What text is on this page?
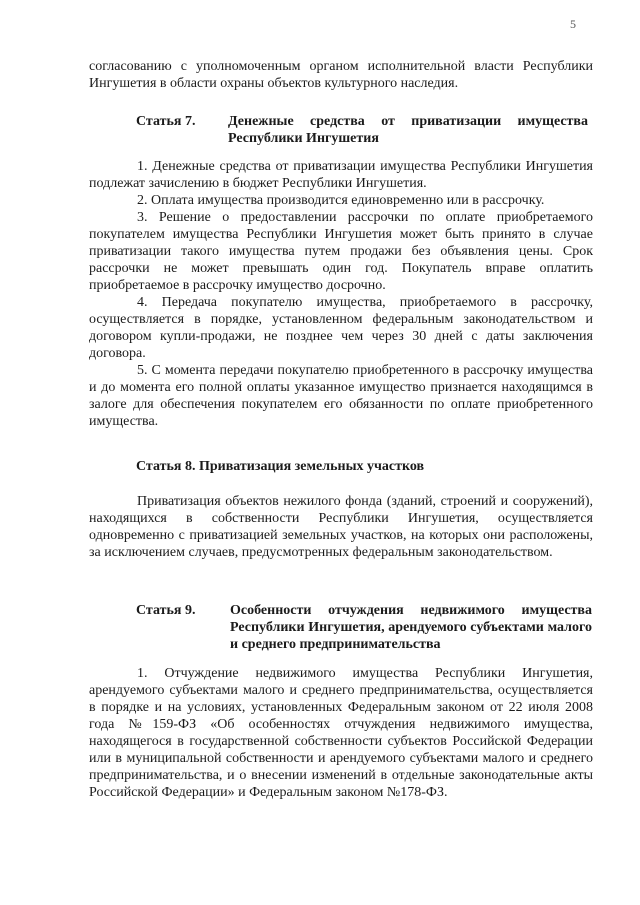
5

согласованию с уполномоченным органом исполнительной власти Республики Ингушетия в области охраны объектов культурного наследия.

Статья 7. Денежные средства от приватизации имущества Республики Ингушетия

1. Денежные средства от приватизации имущества Республики Ингушетия подлежат зачислению в бюджет Республики Ингушетия.

2. Оплата имущества производится единовременно или в рассрочку.

3. Решение о предоставлении рассрочки по оплате приобретаемого покупателем имущества Республики Ингушетия может быть принято в случае приватизации такого имущества путем продажи без объявления цены. Срок рассрочки не может превышать один год. Покупатель вправе оплатить приобретаемое в рассрочку имущество досрочно.

4. Передача покупателю имущества, приобретаемого в рассрочку, осуществляется в порядке, установленном федеральным законодательством и договором купли-продажи, не позднее чем через 30 дней с даты заключения договора.

5. С момента передачи покупателю приобретенного в рассрочку имущества и до момента его полной оплаты указанное имущество признается находящимся в залоге для обеспечения покупателем его обязанности по оплате приобретенного имущества.

Статья 8. Приватизация земельных участков

Приватизация объектов нежилого фонда (зданий, строений и сооружений), находящихся в собственности Республики Ингушетия, осуществляется одновременно с приватизацией земельных участков, на которых они расположены, за исключением случаев, предусмотренных федеральным законодательством.

Статья 9. Особенности отчуждения недвижимого имущества Республики Ингушетия, арендуемого субъектами малого и среднего предпринимательства

1. Отчуждение недвижимого имущества Республики Ингушетия, арендуемого субъектами малого и среднего предпринимательства, осуществляется в порядке и на условиях, установленных Федеральным законом от 22 июля 2008 года №159-ФЗ «Об особенностях отчуждения недвижимого имущества, находящегося в государственной собственности субъектов Российской Федерации или в муниципальной собственности и арендуемого субъектами малого и среднего предпринимательства, и о внесении изменений в отдельные законодательные акты Российской Федерации» и Федеральным законом №178-ФЗ.
